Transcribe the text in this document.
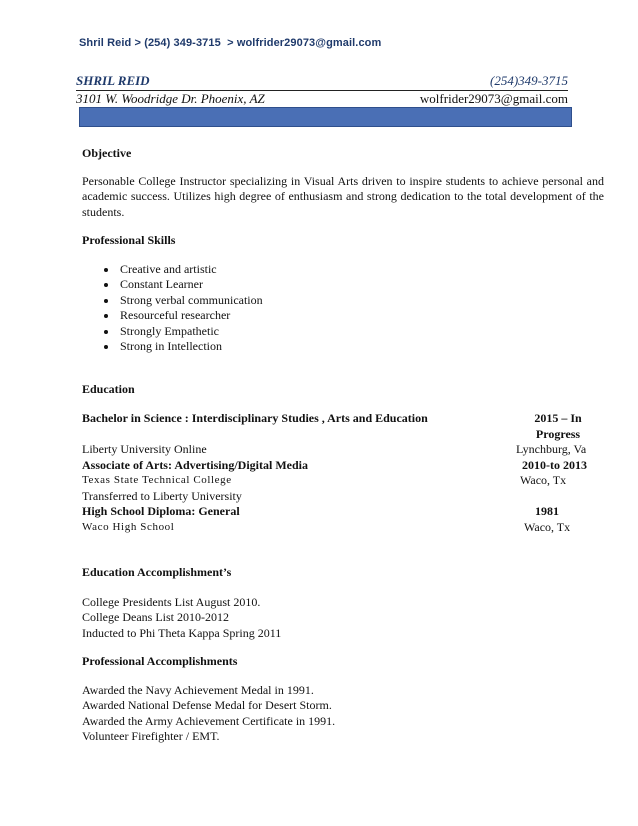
Shril Reid > (254) 349-3715  > wolfrider29073@gmail.com
SHRIL REID	(254)349-3715
3101 W. Woodridge Dr. Phoenix, AZ	wolfrider29073@gmail.com
Objective

Personable College Instructor specializing in Visual Arts driven to inspire students to achieve personal and academic success. Utilizes high degree of enthusiasm and strong dedication to the total development of the students.

Professional Skills
• Creative and artistic
• Constant Learner
• Strong verbal communication
• Resourceful researcher
• Strongly Empathetic
• Strong in Intellection
Education
Bachelor in Science : Interdisciplinary Studies , Arts and Education	2015 – In Progress
Liberty University Online	Lynchburg, Va
Associate of Arts: Advertising/Digital Media	2010-to 2013
Texas State Technical College	Waco, Tx
Transferred to Liberty University
High School Diploma: General	1981
Waco High School	Waco, Tx
Education Accomplishment’s
College Presidents List August 2010.
College Deans List 2010-2012
Inducted to Phi Theta Kappa Spring 2011
Professional Accomplishments
Awarded the Navy Achievement Medal in 1991.
Awarded National Defense Medal for Desert Storm.
Awarded the Army Achievement Certificate in 1991.
Volunteer Firefighter / EMT.
